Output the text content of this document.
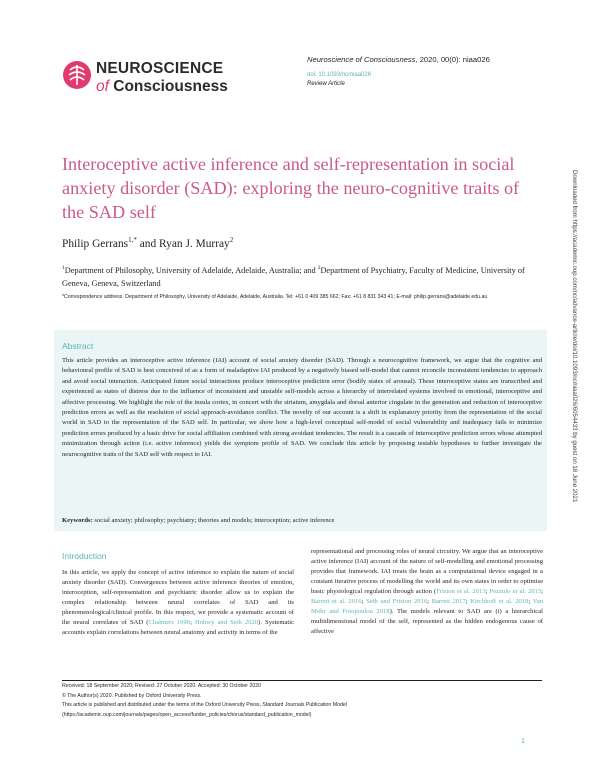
NEUROSCIENCE
of Consciousness
Neuroscience of Consciousness, 2020, 00(0): niaa026
doi: 10.1093/nc/niaa026
Review Article
Interoceptive active inference and self-representation in social anxiety disorder (SAD): exploring the neuro-cognitive traits of the SAD self
Philip Gerrans$^{1,*}$ and Ryan J. Murray$^2$
$^1$Department of Philosophy, University of Adelaide, Adelaide, Australia; and $^2$Department of Psychiatry, Faculty of Medicine, University of Geneva, Geneva, Switzerland
*Correspondence address. Department of Philosophy, University of Adelaide, Adelaide, Australia. Tel: +61 0 409 385 662; Fax: +61 8 831 343 41; E-mail: philip.gerrans@adelaide.edu.au
Abstract
This article provides an interoceptive active inference (IAI) account of social anxiety disorder (SAD). Through a neurocognitive framework, we argue that the cognitive and behavioural profile of SAD is best conceived of as a form of maladaptive IAI produced by a negatively biased self-model that cannot reconcile inconsistent tendencies to approach and avoid social interaction. Anticipated future social interactions produce interoceptive prediction error (bodily states of arousal). These interoceptive states are transcribed and experienced as states of distress due to the influence of inconsistent and unstable self-models across a hierarchy of interrelated systems involved in emotional, interoceptive and affective processing. We highlight the role of the insula cortex, in concert with the striatum, amygdala and dorsal anterior cingulate in the generation and reduction of interoceptive prediction errors as well as the resolution of social approach-avoidance conflict. The novelty of our account is a shift in explanatory priority from the representation of the social world in SAD to the representation of the SAD self. In particular, we show how a high-level conceptual self-model of social vulnerability and inadequacy fails to minimize prediction errors produced by a basic drive for social affiliation combined with strong avoidant tendencies. The result is a cascade of interoceptive prediction errors whose attempted minimization through action (i.e. active inference) yields the symptom profile of SAD. We conclude this article by proposing testable hypotheses to further investigate the neurocognitive traits of the SAD self with respect to IAI.
Keywords: social anxiety; philosophy; psychiatry; theories and models; interoception; active inference
Introduction
In this article, we apply the concept of active inference to explain the nature of social anxiety disorder (SAD). Convergences between active inference theories of emotion, interoception, self-representation and psychiatric disorder allow us to explain the complex relationship between neural correlates of SAD and its phenomenological/clinical profile. In this respect, we provide a systematic account of the neural correlates of SAD (Chalmers 1996; Hohwy and Seth 2020). Systematic accounts explain correlations between neural anatomy and activity in terms of the
representational and processing roles of neural circuitry. We argue that an interoceptive active inference (IAI) account of the nature of self-modelling and emotional processing provides that framework. IAI treats the brain as a computational device engaged in a constant iterative process of modelling the world and its own states in order to optimise basic physiological regulation through action (Friston et al. 2013; Pezzulo et al. 2015; Barrett et al. 2016; Seth and Friston 2016; Barrett 2017; Kirchhoff et al. 2018; Van Mohr and Fotopoulou 2018). The models relevant to SAD are (i) a hierarchical multidimensional model of the self, represented as the hidden endogenous cause of affective
Received: 18 September 2020; Revised: 27 October 2020. Accepted: 30 October 2020
© The Author(s) 2020. Published by Oxford University Press.
This article is published and distributed under the terms of the Oxford University Press, Standard Journals Publication Model (https://academic.oup.com/journals/pages/open_access/funder_policies/chorus/standard_publication_model)
1
Downloaded from https://academic.oup.com/nc/advance-article/doi/10.1093/nc/niaa026/6054433 by guest on 18 June 2021
